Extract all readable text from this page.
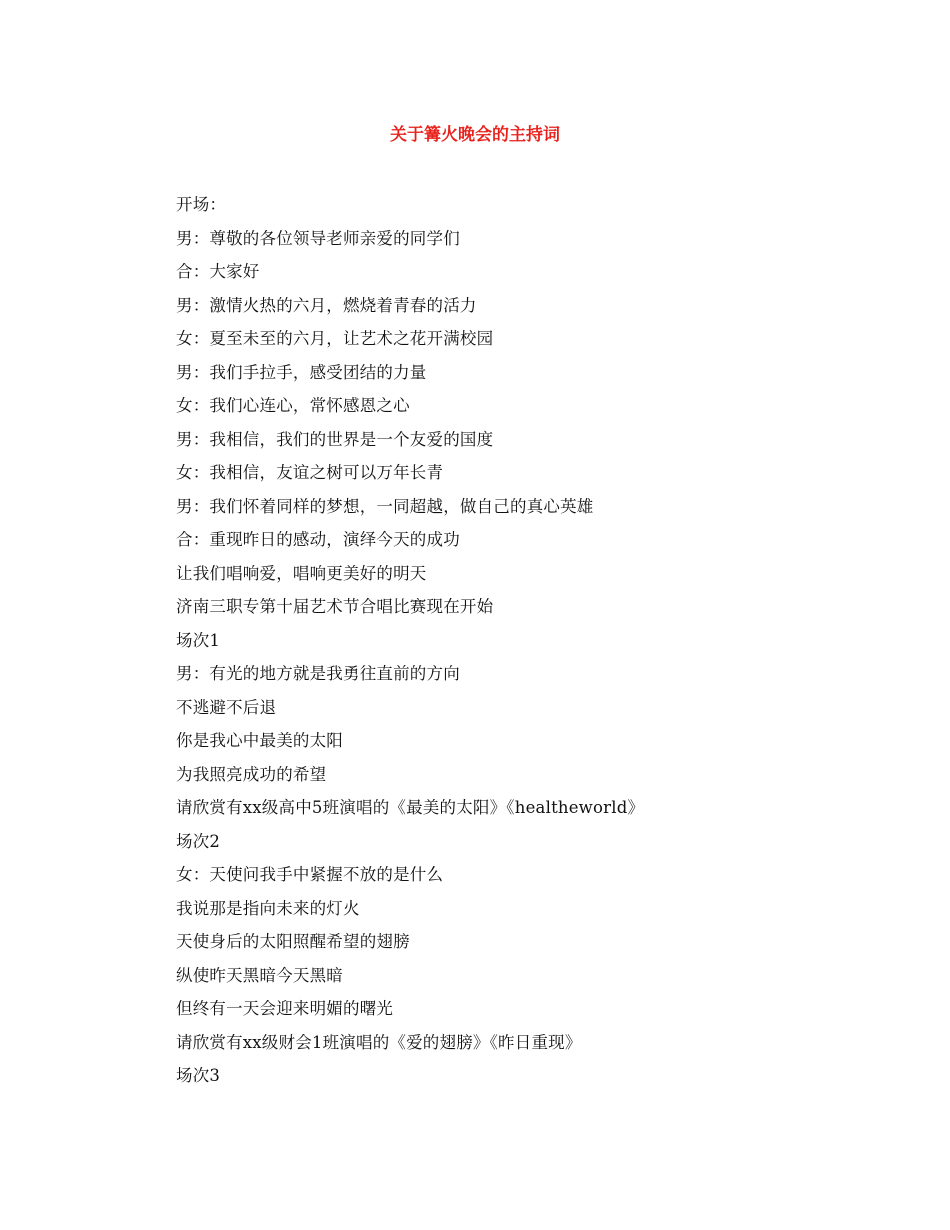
关于篝火晚会的主持词
开场：
男：尊敬的各位领导老师亲爱的同学们
合：大家好
男：激情火热的六月，燃烧着青春的活力
女：夏至未至的六月，让艺术之花开满校园
男：我们手拉手，感受团结的力量
女：我们心连心，常怀感恩之心
男：我相信，我们的世界是一个友爱的国度
女：我相信，友谊之树可以万年长青
男：我们怀着同样的梦想，一同超越，做自己的真心英雄
合：重现昨日的感动，演绎今天的成功
让我们唱响爱，唱响更美好的明天
济南三职专第十届艺术节合唱比赛现在开始
场次1
男：有光的地方就是我勇往直前的方向
不逃避不后退
你是我心中最美的太阳
为我照亮成功的希望
请欣赏有xx级高中5班演唱的《最美的太阳》《healtheworld》
场次2
女：天使问我手中紧握不放的是什么
我说那是指向未来的灯火
天使身后的太阳照醒希望的翅膀
纵使昨天黑暗今天黑暗
但终有一天会迎来明媚的曙光
请欣赏有xx级财会1班演唱的《爱的翅膀》《昨日重现》
场次3
